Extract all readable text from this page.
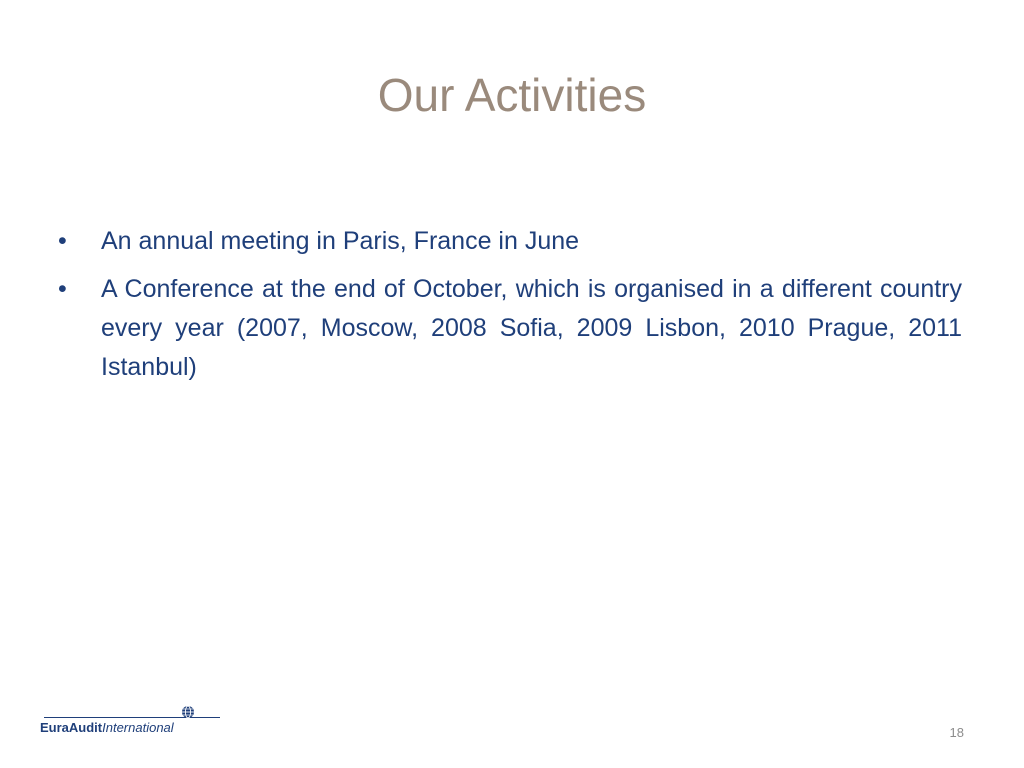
Our Activities
• An annual meeting in Paris, France in June
• A Conference at the end of October, which is organised in a different country every year (2007, Moscow, 2008 Sofia, 2009 Lisbon, 2010 Prague, 2011 Istanbul)
EuraAuditInternational	18
